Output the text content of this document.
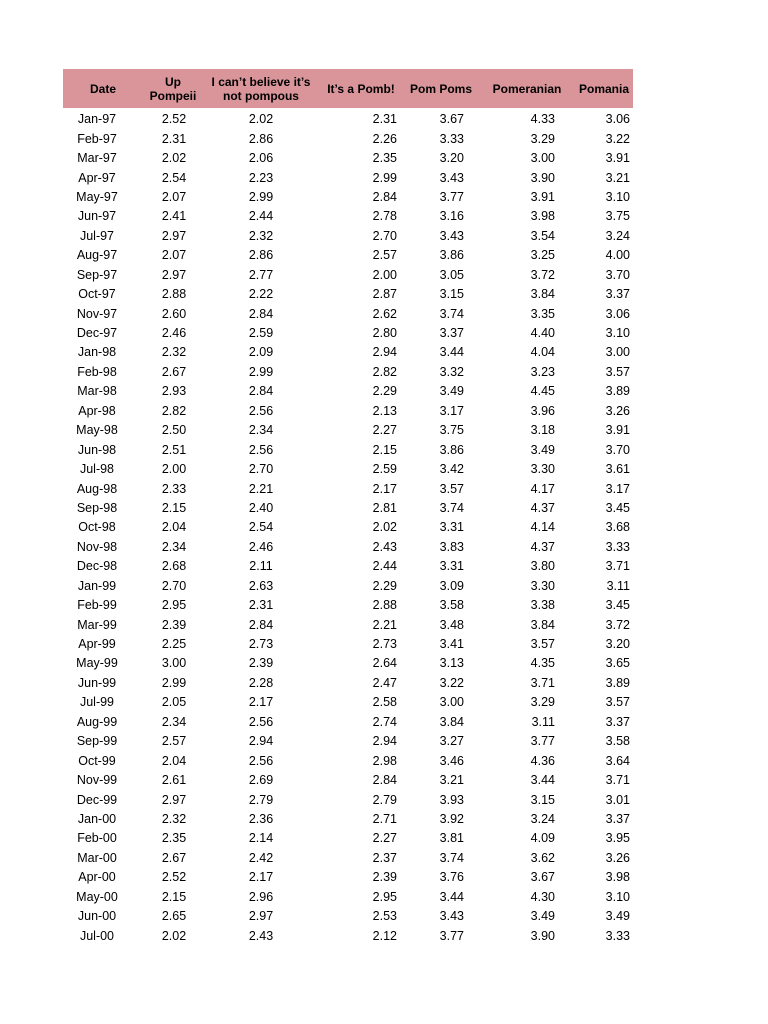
Date	Up Pompeii	I can’t believe it’s not pompous	It’s a Pomb!	Pom Poms	Pomeranian	Pomania
Jan-97	2.52	2.02	2.31	3.67	4.33	3.06
Feb-97	2.31	2.86	2.26	3.33	3.29	3.22
Mar-97	2.02	2.06	2.35	3.20	3.00	3.91
Apr-97	2.54	2.23	2.99	3.43	3.90	3.21
May-97	2.07	2.99	2.84	3.77	3.91	3.10
Jun-97	2.41	2.44	2.78	3.16	3.98	3.75
Jul-97	2.97	2.32	2.70	3.43	3.54	3.24
Aug-97	2.07	2.86	2.57	3.86	3.25	4.00
Sep-97	2.97	2.77	2.00	3.05	3.72	3.70
Oct-97	2.88	2.22	2.87	3.15	3.84	3.37
Nov-97	2.60	2.84	2.62	3.74	3.35	3.06
Dec-97	2.46	2.59	2.80	3.37	4.40	3.10
Jan-98	2.32	2.09	2.94	3.44	4.04	3.00
Feb-98	2.67	2.99	2.82	3.32	3.23	3.57
Mar-98	2.93	2.84	2.29	3.49	4.45	3.89
Apr-98	2.82	2.56	2.13	3.17	3.96	3.26
May-98	2.50	2.34	2.27	3.75	3.18	3.91
Jun-98	2.51	2.56	2.15	3.86	3.49	3.70
Jul-98	2.00	2.70	2.59	3.42	3.30	3.61
Aug-98	2.33	2.21	2.17	3.57	4.17	3.17
Sep-98	2.15	2.40	2.81	3.74	4.37	3.45
Oct-98	2.04	2.54	2.02	3.31	4.14	3.68
Nov-98	2.34	2.46	2.43	3.83	4.37	3.33
Dec-98	2.68	2.11	2.44	3.31	3.80	3.71
Jan-99	2.70	2.63	2.29	3.09	3.30	3.11
Feb-99	2.95	2.31	2.88	3.58	3.38	3.45
Mar-99	2.39	2.84	2.21	3.48	3.84	3.72
Apr-99	2.25	2.73	2.73	3.41	3.57	3.20
May-99	3.00	2.39	2.64	3.13	4.35	3.65
Jun-99	2.99	2.28	2.47	3.22	3.71	3.89
Jul-99	2.05	2.17	2.58	3.00	3.29	3.57
Aug-99	2.34	2.56	2.74	3.84	3.11	3.37
Sep-99	2.57	2.94	2.94	3.27	3.77	3.58
Oct-99	2.04	2.56	2.98	3.46	4.36	3.64
Nov-99	2.61	2.69	2.84	3.21	3.44	3.71
Dec-99	2.97	2.79	2.79	3.93	3.15	3.01
Jan-00	2.32	2.36	2.71	3.92	3.24	3.37
Feb-00	2.35	2.14	2.27	3.81	4.09	3.95
Mar-00	2.67	2.42	2.37	3.74	3.62	3.26
Apr-00	2.52	2.17	2.39	3.76	3.67	3.98
May-00	2.15	2.96	2.95	3.44	4.30	3.10
Jun-00	2.65	2.97	2.53	3.43	3.49	3.49
Jul-00	2.02	2.43	2.12	3.77	3.90	3.33
